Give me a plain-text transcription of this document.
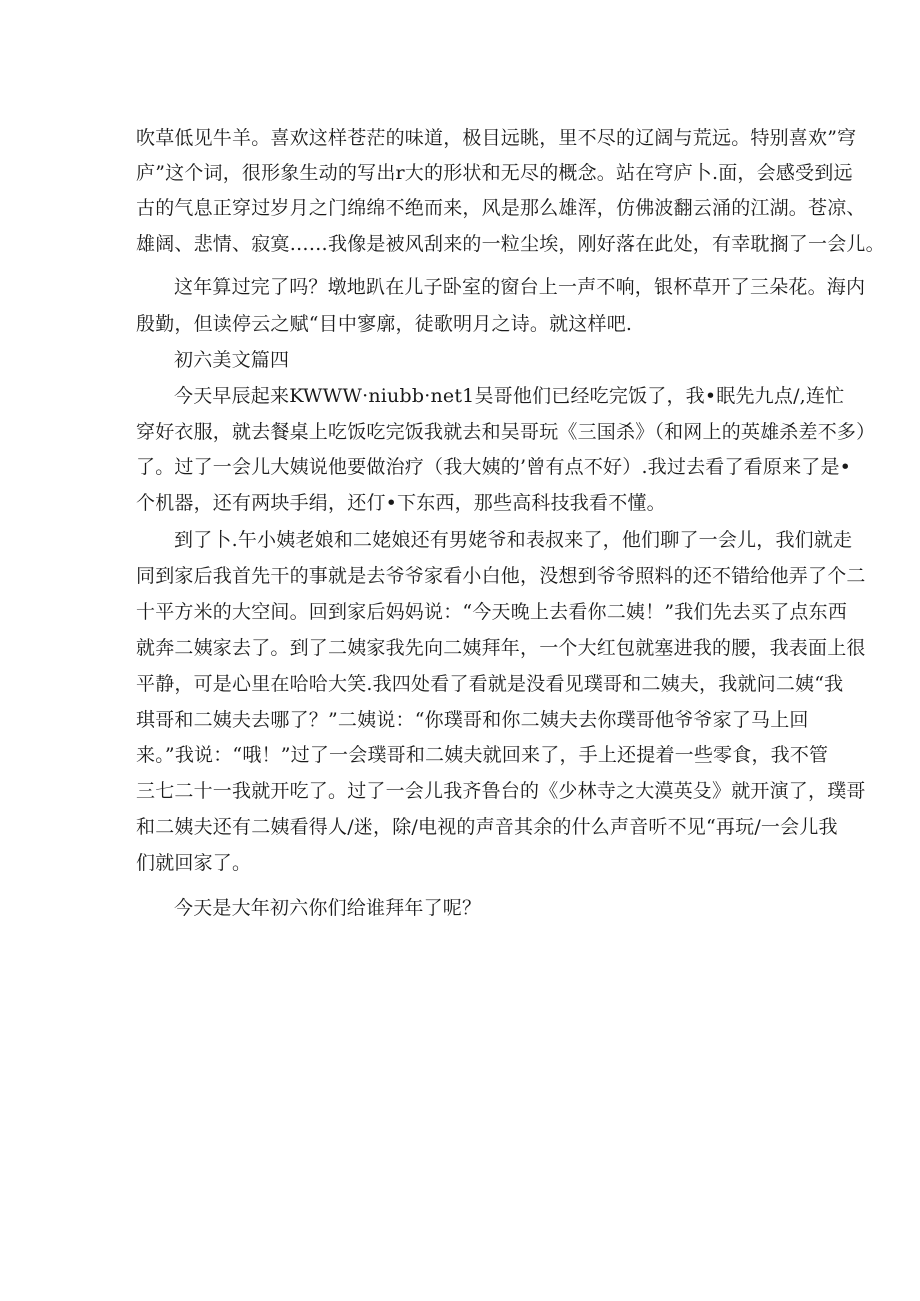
吹草低见牛羊。喜欢这样苍茫的味道，极目远眺，里不尽的辽阔与荒远。特别喜欢”穹
庐”这个词，很形象生动的写出r大的形状和无尽的概念。站在穹庐卜.面，会感受到远
古的气息正穿过岁月之门绵绵不绝而来，风是那么雄浑，仿佛波翻云涌的江湖。苍凉、
雄阔、悲情、寂寞……我像是被风刮来的一粒尘埃，刚好落在此处，有幸耽搁了一会儿。
这年算过完了吗？墩地趴在儿子卧室的窗台上一声不响，银杯草开了三朵花。海内
殷勤，但读停云之赋“目中寥廓，徒歌明月之诗。就这样吧.
初六美文篇四
今天早辰起来KWWW·niubb·net1吴哥他们已经吃完饭了，我•眠先九点/,连忙
穿好衣服，就去餐桌上吃饭吃完饭我就去和吴哥玩《三国杀》（和网上的英雄杀差不多）
了。过了一会儿大姨说他要做治疗（我大姨的’曾有点不好）.我过去看了看原来了是•
个机器，还有两块手绢，还仃•下东西，那些高科技我看不懂。
到了卜.午小姨老娘和二姥娘还有男姥爷和表叔来了，他们聊了一会儿，我们就走
同到家后我首先干的事就是去爷爷家看小白他，没想到爷爷照料的还不错给他弄了个二
十平方米的大空间。回到家后妈妈说：“今天晚上去看你二姨！”我们先去买了点东西
就奔二姨家去了。到了二姨家我先向二姨拜年，一个大红包就塞进我的腰，我表面上很
平静，可是心里在哈哈大笑.我四处看了看就是没看见璞哥和二姨夫，我就问二姨“我
琪哥和二姨夫去哪了？”二姨说：“你璞哥和你二姨夫去你璞哥他爷爷家了马上回
来。”我说：“哦！”过了一会璞哥和二姨夫就回来了，手上还提着一些零食，我不管
三七二十一我就开吃了。过了一会儿我齐鲁台的《少林寺之大漠英殳》就开演了，璞哥
和二姨夫还有二姨看得人/迷，除/电视的声音其余的什么声音听不见“再玩/一会儿我
们就回家了。
今天是大年初六你们给谁拜年了呢？
